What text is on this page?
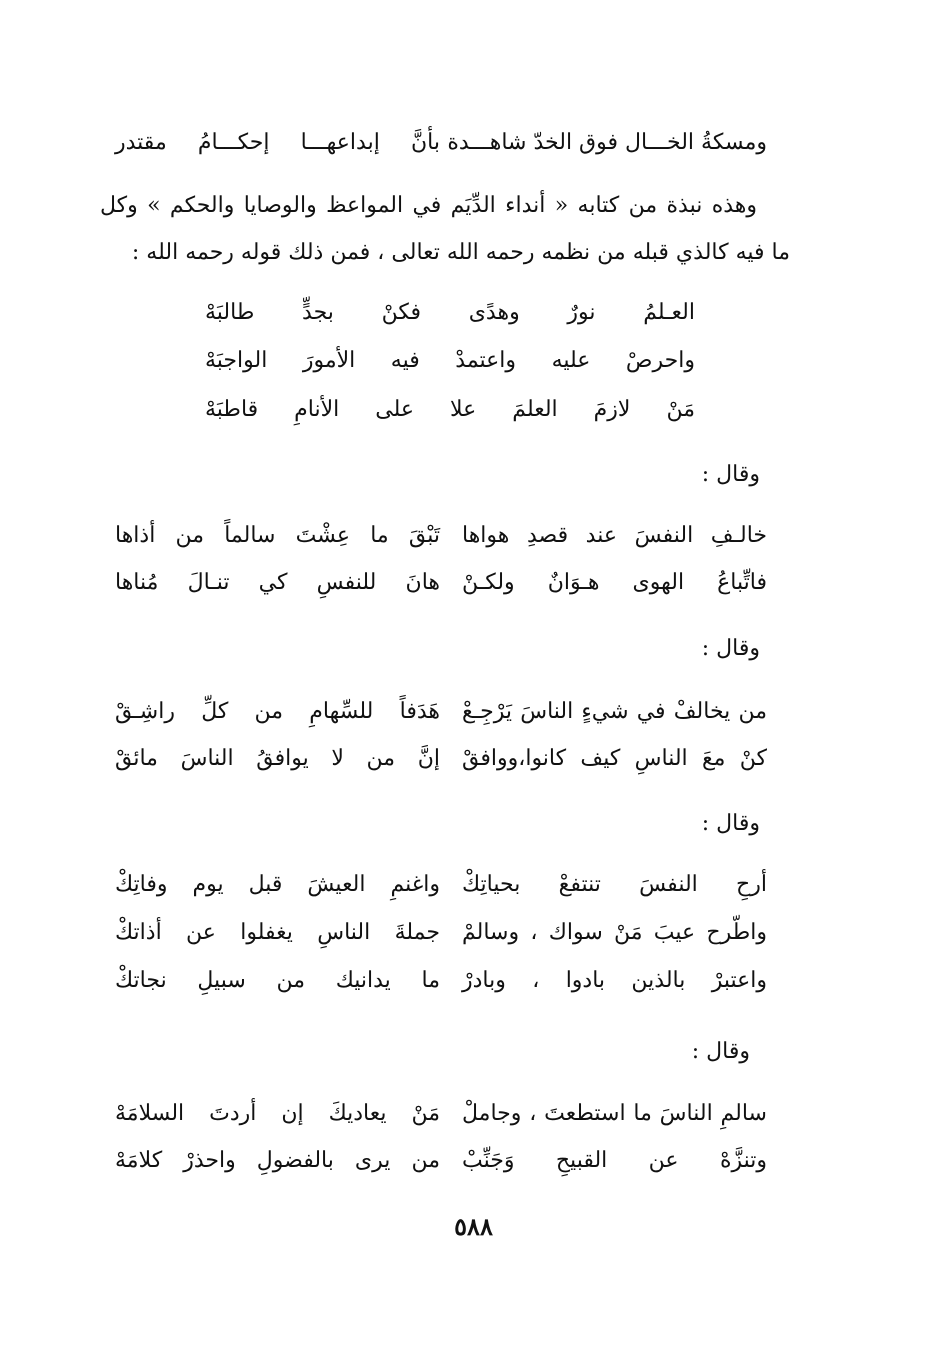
ومسكةُ الخـــال فوق الخدّ شاهـــدة
بأنَّ إبداعهـــا إحكـــامُ مقتدر
وهذه نبذة من كتابه « أنداء الدِّيَم في المواعظ والوصايا والحكم » وكل
ما فيه كالذي قبله من نظمه رحمه الله تعالى ، فمن ذلك قوله رحمه الله :
العـلمُ نورٌ وهدًى فكنْ بجدٍّ طالبَهْ
واحرصْ عليه واعتمدْ فيه الأمورَ الواجبَهْ
مَنْ لازمَ العلمَ علا على الأنامِ قاطبَهْ
وقال :
خالـفِ النفسَ عند قصدِ هواها
تَبْقَ ما عِشْتَ سالماً من أذاها
فاتِّباعُ الهوى هـوَانٌ ولكـنْ
هانَ للنفسِ كي تنـالَ مُناها
وقال :
من يخالفْ في شيءٍ الناسَ يَرْجِـعْ
هَدَفاً للسِّهامِ من كلِّ راشِـقْ
كنْ معَ الناسِ كيف كانوا،ووافقْ
إنَّ من لا يوافقُ الناسَ مائقْ
وقال :
أرحِ النفسَ تنتفعْ بحياتِكْ
واغنمِ العيشَ قبل يوم وفاتِكْ
واطّرح عيبَ مَنْ سواك ، وسالمْ
جملةَ الناسِ يغفلوا عن أذاتكْ
واعتبرْ بالذين بادوا ، وبادرْ
ما يدانيك من سبيلِ نجاتكْ
وقال :
سالمِ الناسَ ما استطعتَ ، وجاملْ
مَنْ يعاديكَ إن أردتَ السلامَهْ
وتنزَّهْ عن القبيحِ وَجَنِّبْ
من يرى بالفضولِ واحذرْ كلامَهْ
٥٨٨
